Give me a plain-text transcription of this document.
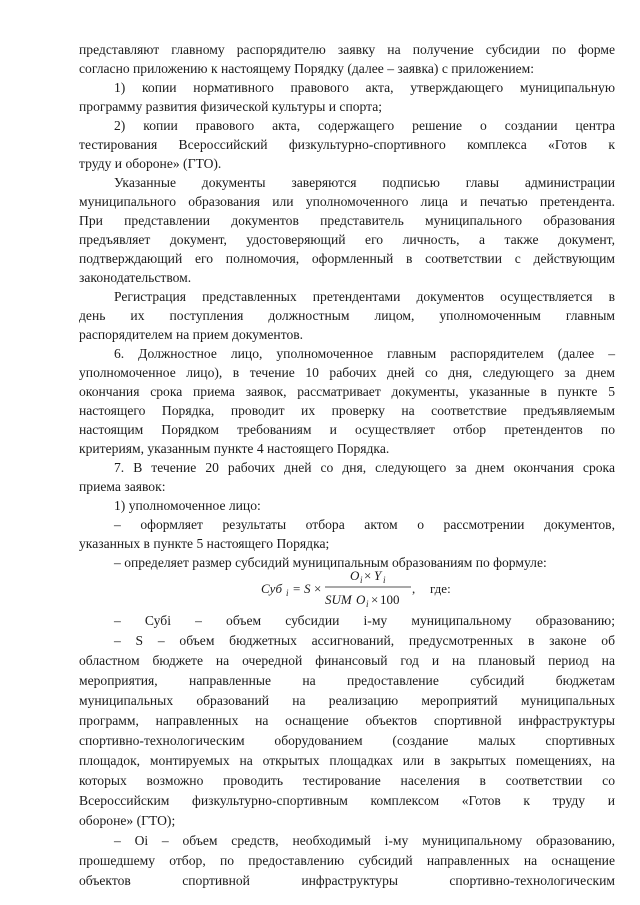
представляют главному распорядителю заявку на получение субсидии по форме
согласно приложению к настоящему Порядку (далее – заявка) с приложением:
1) копии нормативного правового акта, утверждающего муниципальную
программу развития физической культуры и спорта;
2) копии правового акта, содержащего решение о создании центра
тестирования Всероссийский физкультурно-спортивного комплекса «Готов к
труду и обороне» (ГТО).
Указанные документы заверяются подписью главы администрации
муниципального образования или уполномоченного лица и печатью претендента.
При представлении документов представитель муниципального образования
предъявляет документ, удостоверяющий его личность, а также документ,
подтверждающий его полномочия, оформленный в соответствии с действующим
законодательством.
Регистрация представленных претендентами документов осуществляется в
день их поступления должностным лицом, уполномоченным главным
распорядителем на прием документов.
6. Должностное лицо, уполномоченное главным распорядителем (далее –
уполномоченное лицо), в течение 10 рабочих дней со дня, следующего за днем
окончания срока приема заявок, рассматривает документы, указанные в пункте 5
настоящего Порядка, проводит их проверку на соответствие предъявляемым
настоящим Порядком требованиям и осуществляет отбор претендентов по
критериям, указанным пункте 4 настоящего Порядка.
7. В течение 20 рабочих дней со дня, следующего за днем окончания срока
приема заявок:
Суб i = S ×
O i × Y i
SUM O i × 100
, где:
– Субi – объем субсидии i-му муниципальному образованию;
– S – объем бюджетных ассигнований, предусмотренных в законе об
областном бюджете на очередной финансовый год и на плановый период на
мероприятия, направленные на предоставление субсидий бюджетам
муниципальных образований на реализацию мероприятий муниципальных
программ, направленных на оснащение объектов спортивной инфраструктуры
спортивно-технологическим оборудованием (создание малых спортивных
площадок, монтируемых на открытых площадках или в закрытых помещениях, на
которых возможно проводить тестирование населения в соответствии со
Всероссийским физкультурно-спортивным комплексом «Готов к труду и
обороне» (ГТО);
– Oi – объем средств, необходимый i-му муниципальному образованию,
прошедшему отбор, по предоставлению субсидий направленных на оснащение
объектов спортивной инфраструктуры спортивно-технологическим
1) уполномоченное лицо:
– оформляет результаты отбора актом о рассмотрении документов,
указанных в пункте 5 настоящего Порядка;
– определяет размер субсидий муниципальным образованиям по формуле:
